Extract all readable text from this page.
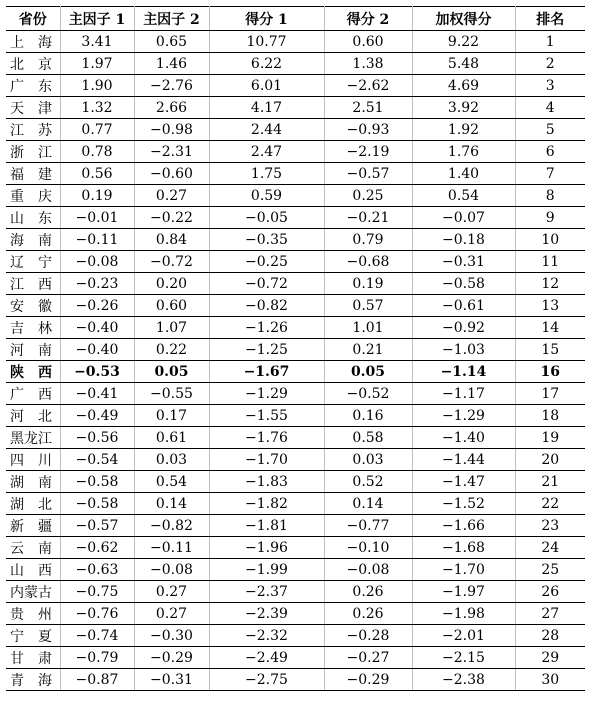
省份	主因子 1	主因子 2	得分 1	得分 2	加权得分	排名
上　海	3.41	0.65	10.77	0.60	9.22	1
北　京	1.97	1.46	6.22	1.38	5.48	2
广　东	1.90	−2.76	6.01	−2.62	4.69	3
天　津	1.32	2.66	4.17	2.51	3.92	4
江　苏	0.77	−0.98	2.44	−0.93	1.92	5
浙　江	0.78	−2.31	2.47	−2.19	1.76	6
福　建	0.56	−0.60	1.75	−0.57	1.40	7
重　庆	0.19	0.27	0.59	0.25	0.54	8
山　东	−0.01	−0.22	−0.05	−0.21	−0.07	9
海　南	−0.11	0.84	−0.35	0.79	−0.18	10
辽　宁	−0.08	−0.72	−0.25	−0.68	−0.31	11
江　西	−0.23	0.20	−0.72	0.19	−0.58	12
安　徽	−0.26	0.60	−0.82	0.57	−0.61	13
吉　林	−0.40	1.07	−1.26	1.01	−0.92	14
河　南	−0.40	0.22	−1.25	0.21	−1.03	15
陕　西	−0.53	0.05	−1.67	0.05	−1.14	16
广　西	−0.41	−0.55	−1.29	−0.52	−1.17	17
河　北	−0.49	0.17	−1.55	0.16	−1.29	18
黑龙江	−0.56	0.61	−1.76	0.58	−1.40	19
四　川	−0.54	0.03	−1.70	0.03	−1.44	20
湖　南	−0.58	0.54	−1.83	0.52	−1.47	21
湖　北	−0.58	0.14	−1.82	0.14	−1.52	22
新　疆	−0.57	−0.82	−1.81	−0.77	−1.66	23
云　南	−0.62	−0.11	−1.96	−0.10	−1.68	24
山　西	−0.63	−0.08	−1.99	−0.08	−1.70	25
内蒙古	−0.75	0.27	−2.37	0.26	−1.97	26
贵　州	−0.76	0.27	−2.39	0.26	−1.98	27
宁　夏	−0.74	−0.30	−2.32	−0.28	−2.01	28
甘　肃	−0.79	−0.29	−2.49	−0.27	−2.15	29
青　海	−0.87	−0.31	−2.75	−0.29	−2.38	30
